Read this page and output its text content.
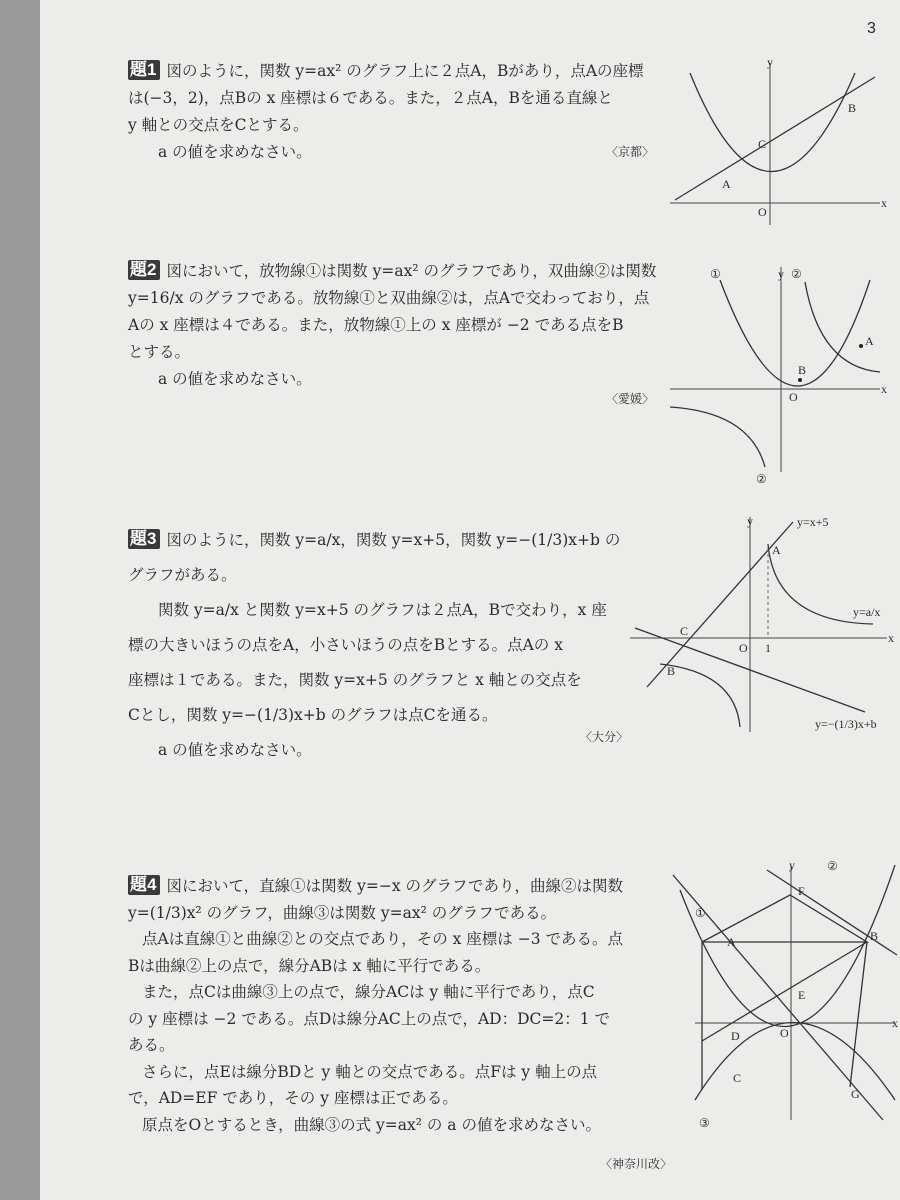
3
題1 図のように，関数 y=ax² のグラフ上に２点A，Bがあり，点Aの座標
は(−3，2)，点Bの x 座標は６である。また，２点A，Bを通る直線と
y 軸との交点をCとする。
a の値を求めなさい。	〈京都〉
y
x
A
B
C
O
題2 図において，放物線①は関数 y=ax² のグラフであり，双曲線②は関数
y=16/x のグラフである。放物線①と双曲線②は，点Aで交わっており，点
Aの x 座標は４である。また，放物線①上の x 座標が −2 である点をB
とする。
a の値を求めなさい。
〈愛媛〉
①	y ②
x
A
B
O
②
題3 図のように，関数 y=a/x，関数 y=x+5，関数 y=−(1/3)x+b の
グラフがある。
関数 y=a/x と関数 y=x+5 のグラフは２点A，Bで交わり，x 座
標の大きいほうの点をA，小さいほうの点をBとする。点Aの x
座標は１である。また，関数 y=x+5 のグラフと x 軸との交点を
Cとし，関数 y=−(1/3)x+b のグラフは点Cを通る。
a の値を求めなさい。
〈大分〉
y	y=x+5
A
y=a/x
C
O 1
x
B
y=−(1/3)x+b
題4 図において，直線①は関数 y=−x のグラフであり，曲線②は関数
y=(1/3)x² のグラフ，曲線③は関数 y=ax² のグラフである。
点Aは直線①と曲線②との交点であり，その x 座標は −3 である。点
Bは曲線②上の点で，線分ABは x 軸に平行である。
また，点Cは曲線③上の点で，線分ACは y 軸に平行であり，点C
の y 座標は −2 である。点Dは線分AC上の点で，AD：DC=2：1 で
ある。
さらに，点Eは線分BDと y 軸との交点である。点Fは y 軸上の点
で，AD=EF であり，その y 座標は正である。
原点をOとするとき，曲線③の式 y=ax² の a の値を求めなさい。
〈神奈川改〉
②
y
F
①
A	B
E
x
D	O
C
G
③
